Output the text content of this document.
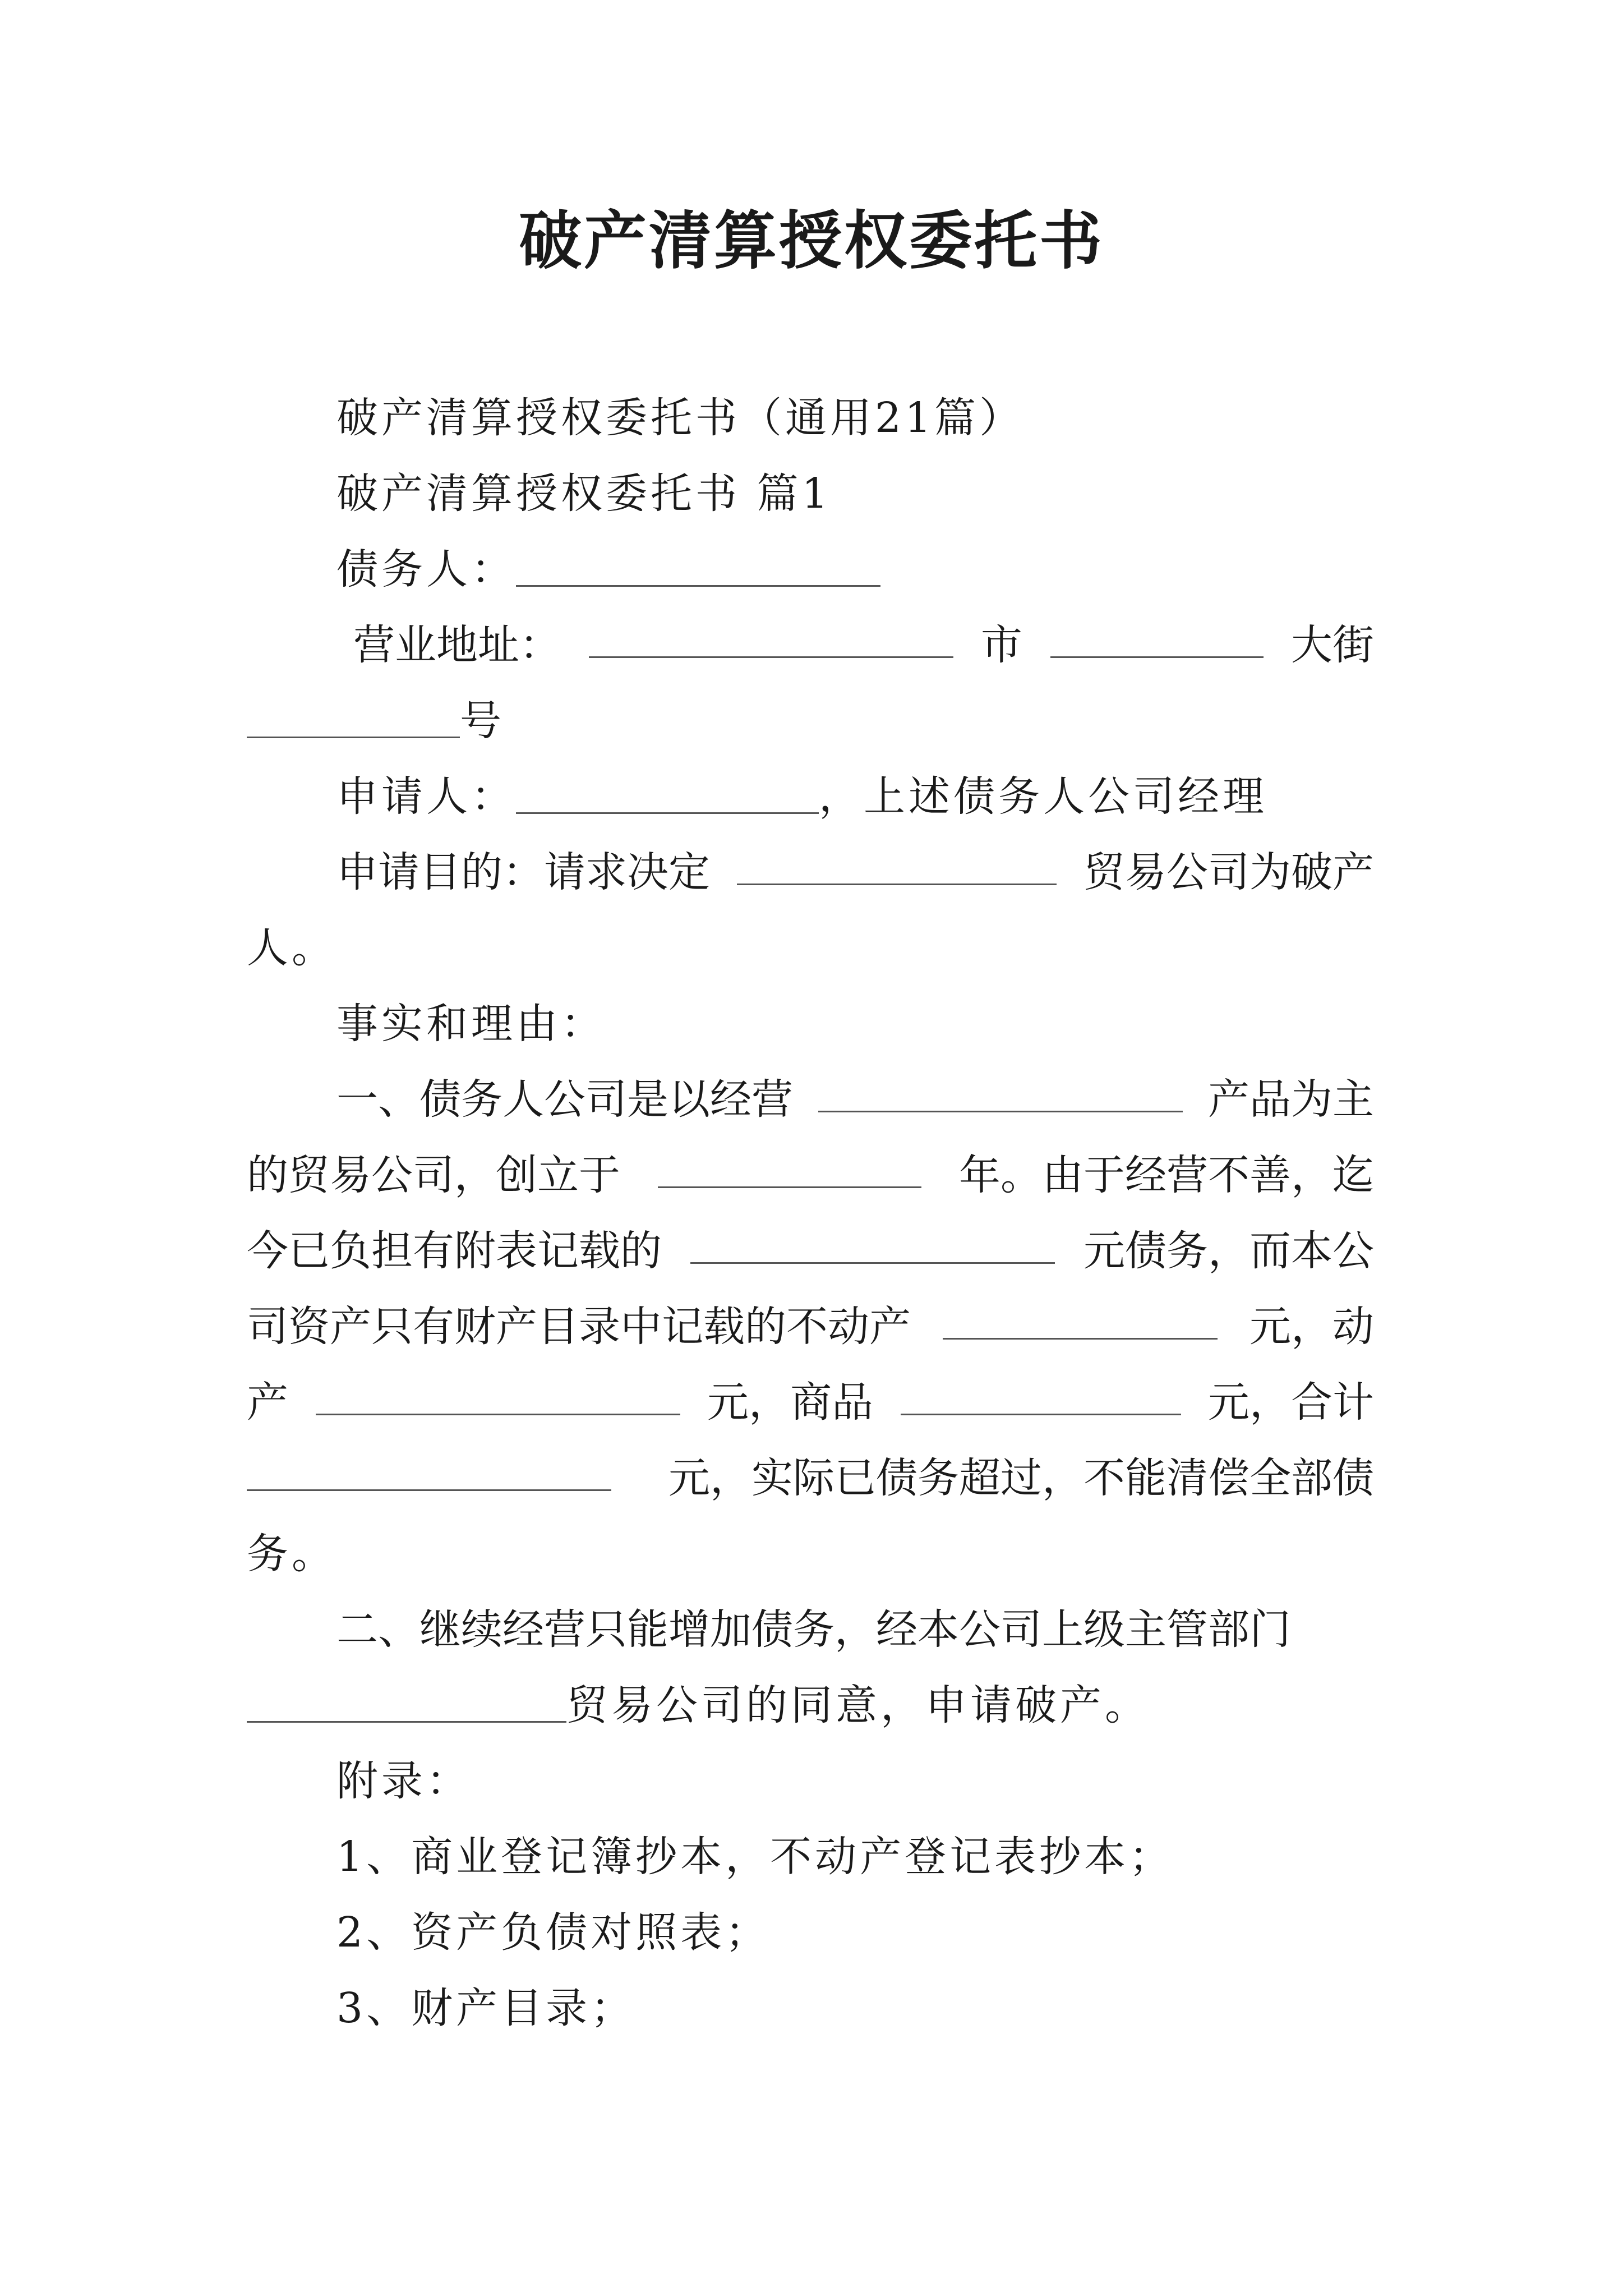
破产清算授权委托书
破产清算授权委托书（通用21篇）
破产清算授权委托书 篇1
债务人：
营业地址：	市	大街
号
申请人：	，上述债务人公司经理
申请目的：请求决定	贸易公司为破产
人。
事实和理由：
一、债务人公司是以经营	产品为主
的贸易公司，创立于	年。由于经营不善，迄
今已负担有附表记载的	元债务，而本公
司资产只有财产目录中记载的不动产	元，动
产	元，商品	元，合计
元，实际已债务超过，不能清偿全部债
务。
二、继续经营只能增加债务，经本公司上级主管部门
贸易公司的同意，申请破产。
附录：
1、商业登记簿抄本，不动产登记表抄本；
2、资产负债对照表；
3、财产目录；
